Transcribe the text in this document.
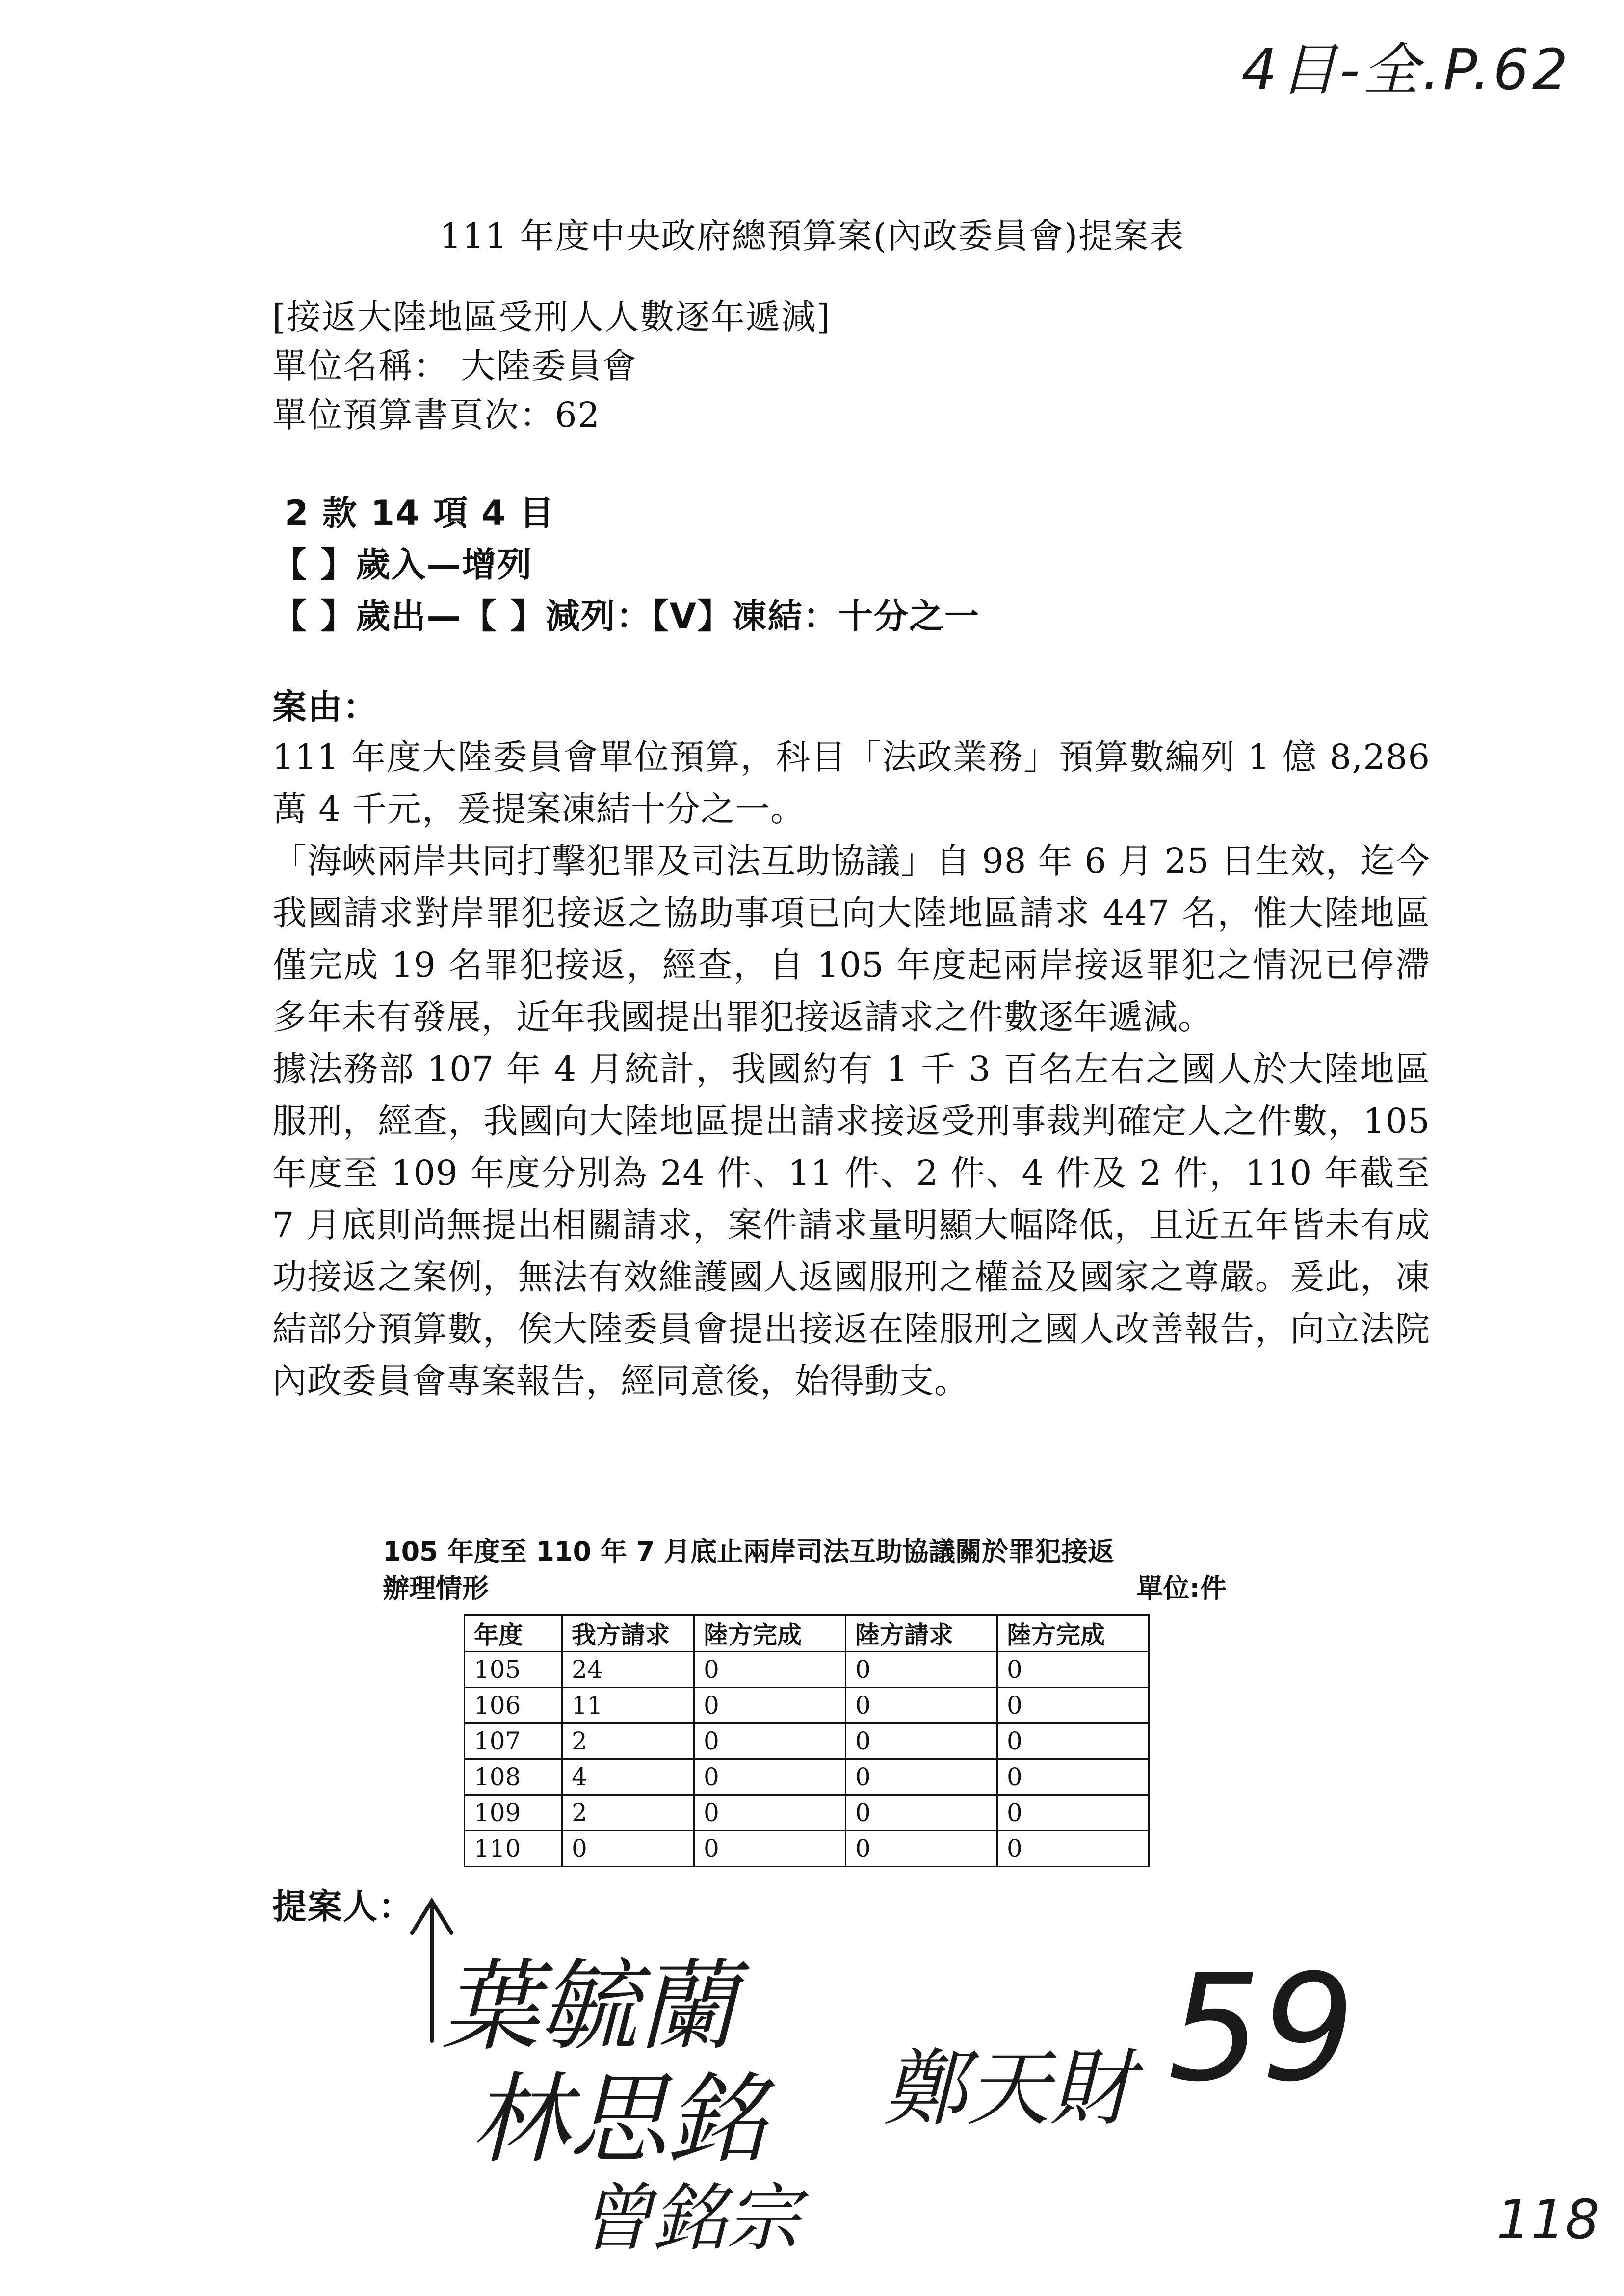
4目-全.P.62
111 年度中央政府總預算案(內政委員會)提案表
[接返大陸地區受刑人人數逐年遞減]
單位名稱： 大陸委員會
單位預算書頁次：62
2 款 14 項 4 目
【 】歲入—增列
【 】歲出—【 】減列：【V】凍結：十分之一
案由：

111 年度大陸委員會單位預算，科目「法政業務」預算數編列 1 億 8,286 萬 4 千元，爰提案凍結十分之一。

「海峽兩岸共同打擊犯罪及司法互助協議」自 98 年 6 月 25 日生效，迄今我國請求對岸罪犯接返之協助事項已向大陸地區請求 447 名，惟大陸地區僅完成 19 名罪犯接返，經查，自 105 年度起兩岸接返罪犯之情況已停滯多年未有發展，近年我國提出罪犯接返請求之件數逐年遞減。

據法務部 107 年 4 月統計，我國約有 1 千 3 百名左右之國人於大陸地區服刑，經查，我國向大陸地區提出請求接返受刑事裁判確定人之件數，105 年度至 109 年度分別為 24 件、11 件、2 件、4 件及 2 件，110 年截至 7 月底則尚無提出相關請求，案件請求量明顯大幅降低，且近五年皆未有成功接返之案例，無法有效維護國人返國服刑之權益及國家之尊嚴。爰此，凍結部分預算數，俟大陸委員會提出接返在陸服刑之國人改善報告，向立法院內政委員會專案報告，經同意後，始得動支。

105 年度至 110 年 7 月底止兩岸司法互助協議關於罪犯接返
辦理情形	單位:件
年度	我方請求	陸方完成	陸方請求	陸方完成
105	24	0	0	0
106	11	0	0	0
107	2	0	0	0
108	4	0	0	0
109	2	0	0	0
110	0	0	0	0
提案人：
葉毓蘭
林思銘
曾銘宗
鄭天財 59
118
